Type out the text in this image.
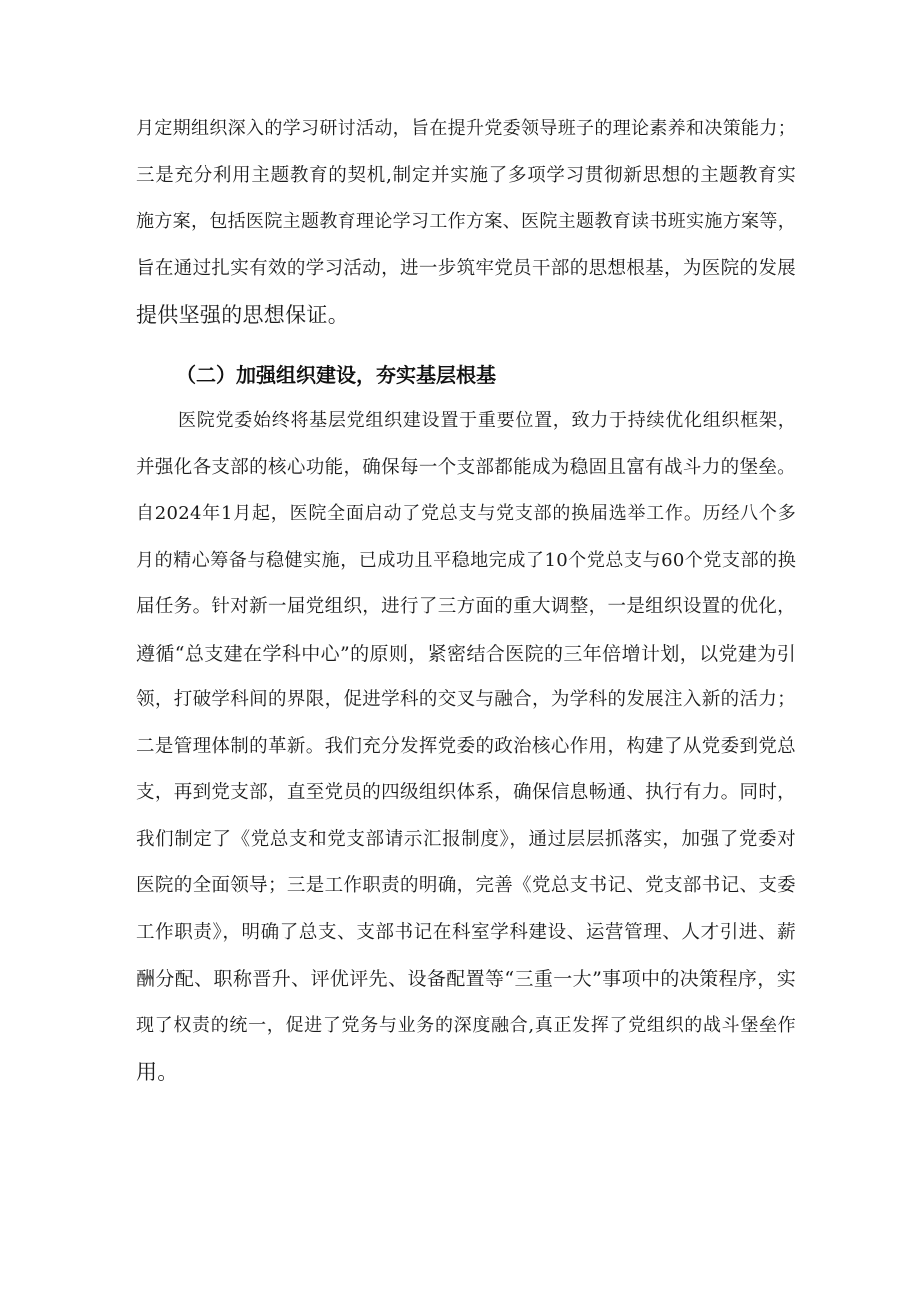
月定期组织深入的学习研讨活动，旨在提升党委领导班子的理论素养和决策能力；
三是充分利用主题教育的契机,制定并实施了多项学习贯彻新思想的主题教育实
施方案，包括医院主题教育理论学习工作方案、医院主题教育读书班实施方案等，
旨在通过扎实有效的学习活动，进一步筑牢党员干部的思想根基，为医院的发展
提供坚强的思想保证。
（二）加强组织建设，夯实基层根基
医院党委始终将基层党组织建设置于重要位置，致力于持续优化组织框架，
并强化各支部的核心功能，确保每一个支部都能成为稳固且富有战斗力的堡垒。
自2024年1月起，医院全面启动了党总支与党支部的换届选举工作。历经八个多
月的精心筹备与稳健实施，已成功且平稳地完成了10个党总支与60个党支部的换
届任务。针对新一届党组织，进行了三方面的重大调整，一是组织设置的优化，
遵循“总支建在学科中心”的原则，紧密结合医院的三年倍增计划，以党建为引
领，打破学科间的界限，促进学科的交叉与融合，为学科的发展注入新的活力；
二是管理体制的革新。我们充分发挥党委的政治核心作用，构建了从党委到党总
支，再到党支部，直至党员的四级组织体系，确保信息畅通、执行有力。同时，
我们制定了《党总支和党支部请示汇报制度》，通过层层抓落实，加强了党委对
医院的全面领导；三是工作职责的明确，完善《党总支书记、党支部书记、支委
工作职责》，明确了总支、支部书记在科室学科建设、运营管理、人才引进、薪
酬分配、职称晋升、评优评先、设备配置等“三重一大”事项中的决策程序，实
现了权责的统一，促进了党务与业务的深度融合,真正发挥了党组织的战斗堡垒作
用。
